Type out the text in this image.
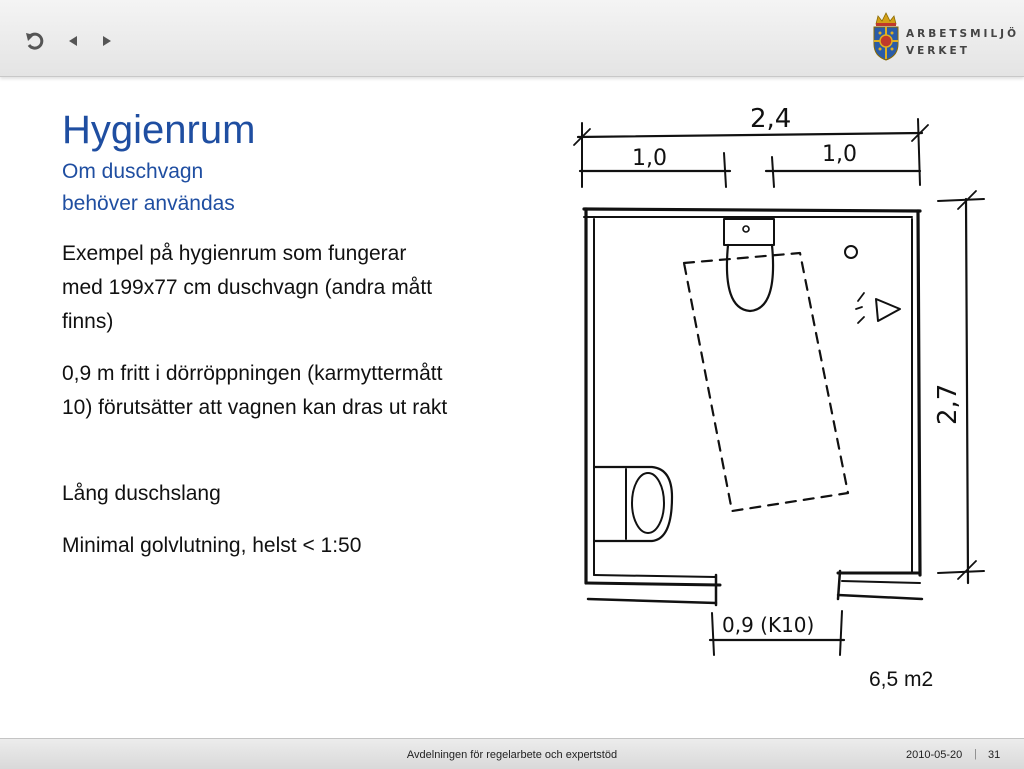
ARBETSMILJÖ
VERKET
Hygienrum
Om duschvagn
behöver användas
Exempel på hygienrum som fungerar med 199x77 cm duschvagn (andra mått finns)
0,9 m fritt i dörröppningen (karmyttermått 10) förutsätter att vagnen kan dras ut rakt
Lång duschslang
Minimal golvlutning, helst < 1:50
2,4
1,0	1,0
2,7
0,9 (K10)
6,5 m2
Avdelningen för regelarbete och expertstöd	2010-05-20 | 31
